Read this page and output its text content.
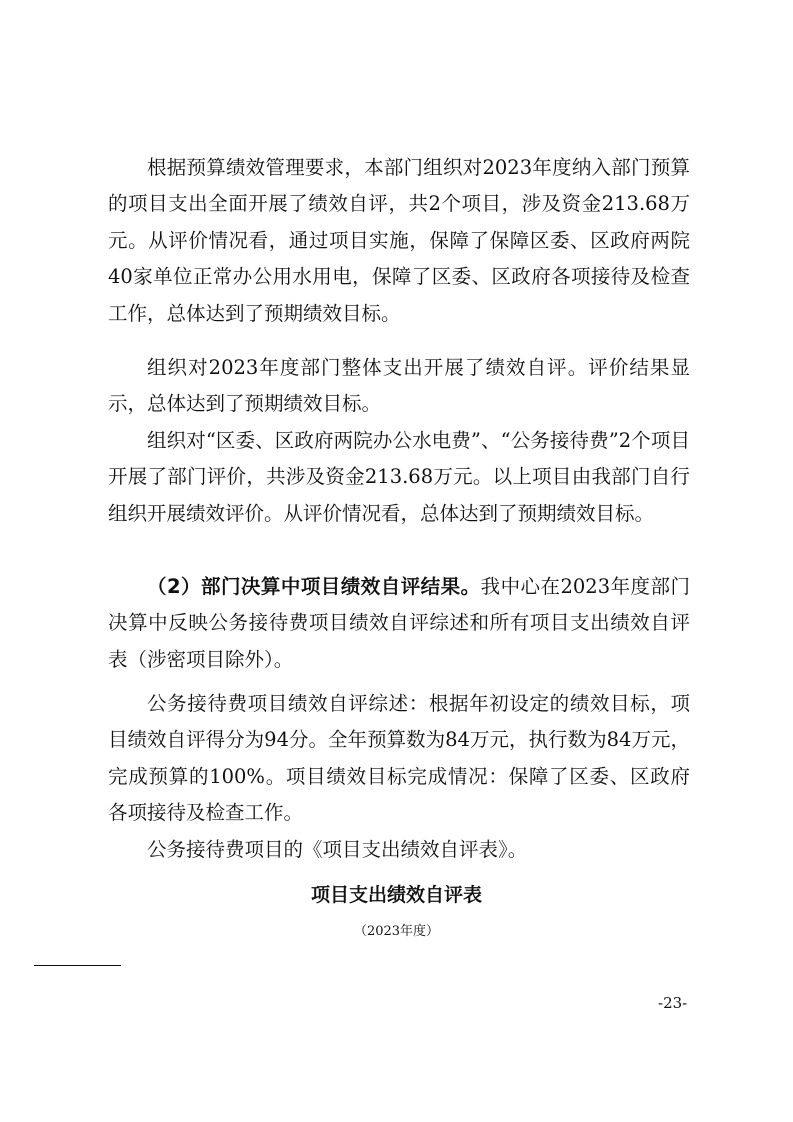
根据预算绩效管理要求，本部门组织对2023年度纳入部门预算的项目支出全面开展了绩效自评，共2个项目，涉及资金213.68万元。从评价情况看，通过项目实施，保障了保障区委、区政府两院40家单位正常办公用水用电，保障了区委、区政府各项接待及检查工作，总体达到了预期绩效目标。

组织对2023年度部门整体支出开展了绩效自评。评价结果显示，总体达到了预期绩效目标。

组织对“区委、区政府两院办公水电费”、“公务接待费”2个项目开展了部门评价，共涉及资金213.68万元。以上项目由我部门自行组织开展绩效评价。从评价情况看，总体达到了预期绩效目标。

（2）部门决算中项目绩效自评结果。我中心在2023年度部门决算中反映公务接待费项目绩效自评综述和所有项目支出绩效自评表（涉密项目除外）。

公务接待费项目绩效自评综述：根据年初设定的绩效目标，项目绩效自评得分为94分。全年预算数为84万元，执行数为84万元，完成预算的100%。项目绩效目标完成情况：保障了区委、区政府各项接待及检查工作。

公务接待费项目的《项目支出绩效自评表》。

项目支出绩效自评表

（2023年度）

-23-
